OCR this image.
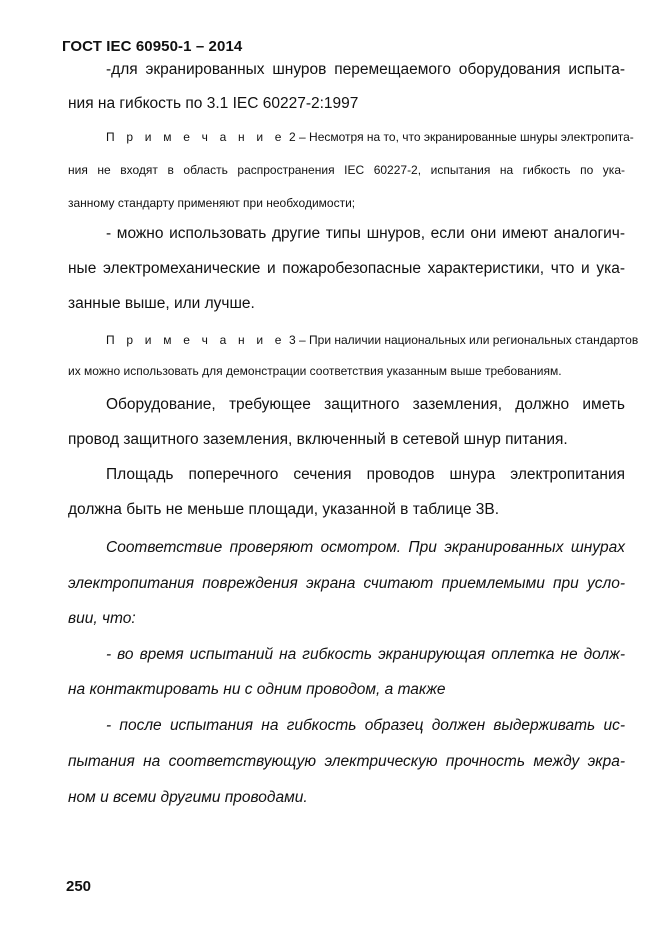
ГОСТ IEC 60950-1 – 2014
-для экранированных шнуров перемещаемого оборудования испыта-
ния на гибкость по 3.1 IEC 60227-2:1997
П р и м е ч а н и е 2 – Несмотря на то, что экранированные шнуры электропита-
ния не входят в область распространения IEC 60227-2, испытания на гибкость по ука-
занному стандарту применяют при необходимости;
- можно использовать другие типы шнуров, если они имеют аналогич-
ные электромеханические и пожаробезопасные характеристики, что и ука-
занные выше, или лучше.
П р и м е ч а н и е 3 – При наличии национальных или региональных стандартов
их можно использовать для демонстрации соответствия указанным выше требованиям.
Оборудование, требующее защитного заземления, должно иметь
провод защитного заземления, включенный в сетевой шнур питания.
Площадь поперечного сечения проводов шнура электропитания
должна быть не меньше площади, указанной в таблице 3В.
Соответствие проверяют осмотром. При экранированных шнурах
электропитания повреждения экрана считают приемлемыми при усло-
вии, что:
- во время испытаний на гибкость экранирующая оплетка не долж-
на контактировать ни с одним проводом, а также
- после испытания на гибкость образец должен выдерживать ис-
пытания на соответствующую электрическую прочность между экра-
ном и всеми другими проводами.
250
